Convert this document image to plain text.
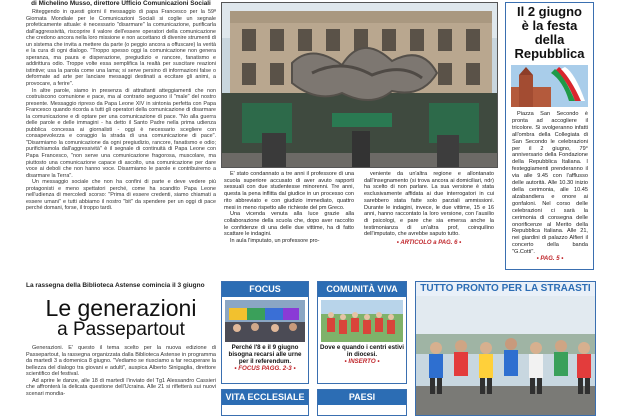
di Michelino Musso, direttore Ufficio Comunicazioni Sociali

Riteggendo in questi giorni il messaggio di papa Francesco per la 59ª Giornata Mondiale per le Comunicazioni Sociali si coglie un segnale profeticamente attuale: è necessario "disarmare" la comunicazione, purificarla dall'aggressività, riscoprire il valore dell'essere operatori della comunicazione che credono ancora nella loro missione e non accettano di divenire strumenti di un sistema che invita a mettere da parte (o peggio ancora a offuscare) la verità e la cura di ogni dialogo. "Troppo spesso oggi la comunicazione non genera speranza, ma paura e disperazione, pregiudizio e rancore, fanatismo e addirittura odio. Troppe volte essa semplifica la realtà per suscitare reazioni istintive; usa la parola come una lama; si serve persino di informazioni false o deformate ad arte per lanciare messaggi destinati a eccitare gli animi, a provocare, a ferire".

In altre parole, siamo in presenza di attrattanti atteggiamenti che non costruiscono comunione e pace, ma al contrario seguono il "male" del nostro presente. Messaggio ripreso da Papa Leone XIV in sintonia perfetta con Papa Francesco quando ricorda a tutti gli operatori della comunicazione di disarmare la comunicazione e di optare per una comunicazione di pace. "No alla guerra delle parole e delle immagini - ha detto il Santo Padre nella prima udienza pubblica concessa ai giornalisti - oggi è necessario scegliere con consapevolezza e coraggio la strada di una comunicazione di pace". "Disarmiamo la comunicazione da ogni pregiudizio, rancore, fanatismo e odio; purifichiamola dall'aggressività" è il segnale di continuità di Papa Leone con Papa Francesco, "non serve una comunicazione fragorosa, muscolare, ma piuttosto una comunicazione capace di ascolto, una comunicazione per dare voce ai deboli che non hanno voce. Disarmiamo le parole e contribuiremo a disarmare la Terra".

Un messaggio sociale che non ha confini di parte e deve vedere più protagonisti e meno spettatori perché, come ha scandito Papa Leone nell'udienza di mercoledì scorso: "Prima di essere credenti, siamo chiamati a essere umani" e tutti abbiamo il nostro "bit" da spendere per un oggi di pace perché domani, forse, il troppo tardi.

E' stato condannato a tre anni il professore di una scuola superiore accusato di aver avuto rapporti sessuali con due studentesse minorenni. Tre anni, questa la pena inflitta dal giudice in un processo con rito abbreviato e con giudizio immediato, quattro mesi in meno rispetto alle richieste del pm Greco.

Una vicenda venuta alla luce grazie alla collaborazione della scuola che, dopo aver raccolto le confidenze di una delle due vittime, ha di fatto scattare le indagini.

In aula l'imputato, un professore pro-

veniente da un'altra regione e allontanato dall'insegnamento (si trova ancora ai domiciliari, ndr) ha scelto di non parlare. La sua versione è stata esclusivamente affidata ai due interrogatori in cui sarebbero stata fatte solo parziali ammissioni. Durante le indagini, invece, le due vittime, 15 e 16 anni, hanno raccontato la loro versione, con l'ausilio di psicologi, e pare che sia emersa anche la testimonianza di un'altra prof, coinquilino dell'imputato, che avrebbe saputo tutto.

• ARTICOLO a PAG. 6 •
Il 2 giugno
è la festa
della Repubblica

Piazza San Secondo è pronta ad accogliere il tricolore. Si svolgeranno infatti all'ombra della Collegiata di San Secondo le celebrazioni per il 2 giugno, 79° anniversario della Fondazione della Repubblica Italiana. I festeggiamenti prenderanno il via alle 9.45 con l'afflusso delle autorità. Alle 10.30 inizio della cerimonia, alle 10.45 alzabandiera e onore ai gonfaloni. Nel corso delle celebrazioni ci sarà la cerimonia di consegna delle onorificenze al Merito della Repubblica Italiana. Alle 21, nei giardini di palazzo Alfieri il concerto della banda "G.Cotti".

• PAG. 5 •
La rassegna della Biblioteca Astense comincia il 3 giugno
Le generazioni
a Passepartout

Generazioni. E' questo il tema scelto per la nuova edizione di Passepartout, la rassegna organizzata dalla Biblioteca Astense in programma da martedì 3 a domenica 8 giugno. "Vediamo se riusciamo a far recuperare la bellezza del dialogo tra giovani e adulti", auspica Alberto Sinigaglia, direttore scientifico del festival.

Ad aprire le danze, alle 18 di martedì l'inviato del Tg1 Alessandro Cassieri che affronterà la delicata questione dell'Ucraina. Alle 21 si rifletterà sui nuovi scenari mondia-

FOCUS
Perché l'8 e il 9 giugno bisogna recarsi alle urne per il referendum.
• FOCUS PAGG. 2-3 •
COMUNITÀ VIVA
Dove e quando i centri estivi in diocesi.
• INSERTO •
VITA ECCLESIALE	PAESI
TUTTO PRONTO PER LA STRAASTI
